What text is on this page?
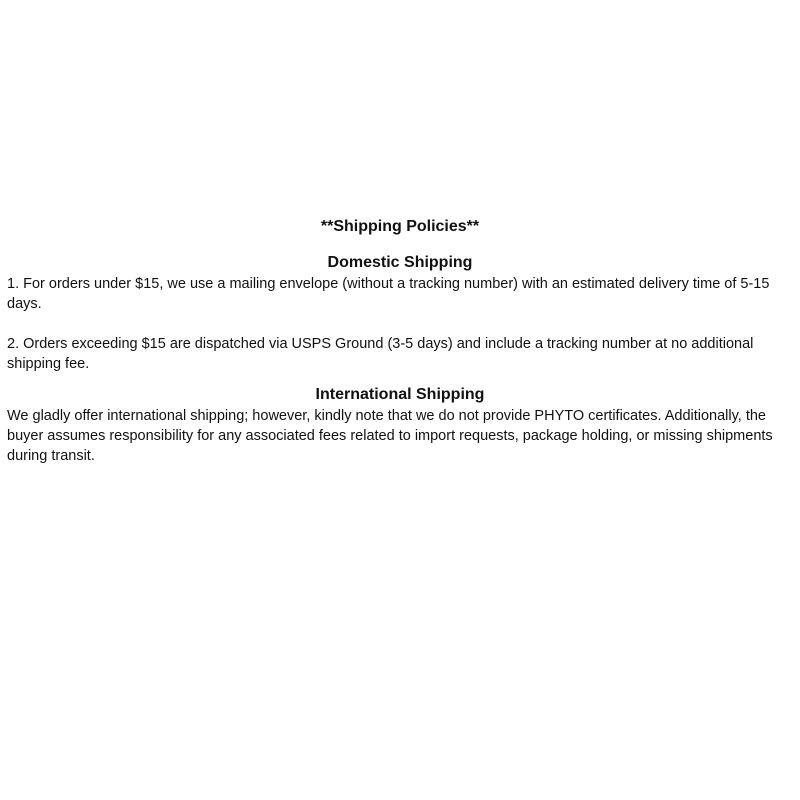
**Shipping Policies**
Domestic Shipping

1. For orders under $15, we use a mailing envelope (without a tracking number) with an estimated delivery time of 5-15 days.

2. Orders exceeding $15 are dispatched via USPS Ground (3-5 days) and include a tracking number at no additional shipping fee.

International Shipping

We gladly offer international shipping; however, kindly note that we do not provide PHYTO certificates. Additionally, the buyer assumes responsibility for any associated fees related to import requests, package holding, or missing shipments during transit.
